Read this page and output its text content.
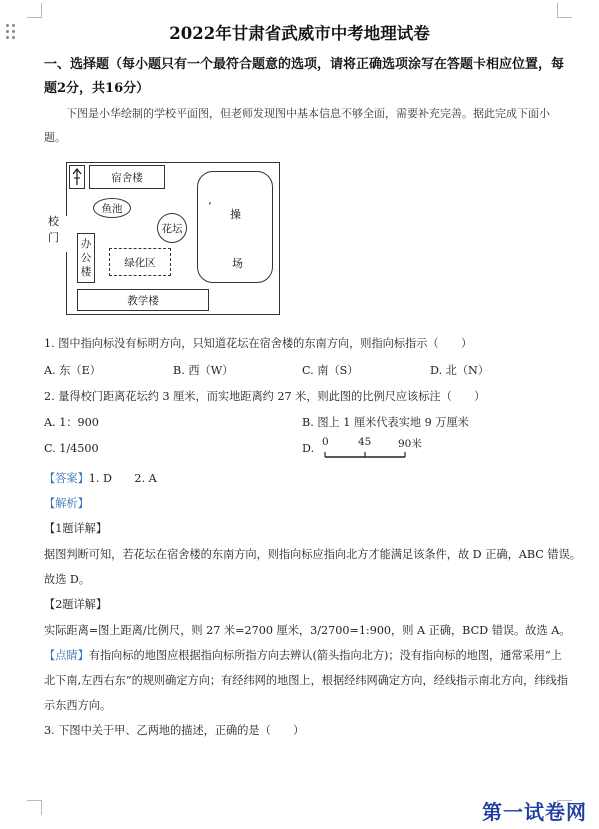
2022年甘肃省武威市中考地理试卷
一、选择题（每小题只有一个最符合题意的选项，请将正确选项涂写在答题卡相应位置，每
题2分，共16分）
下图是小华绘制的学校平面图，但老师发现图中基本信息不够全面，需要补充完善。据此完成下面小
题。
宿舍楼
鱼池
花坛
办
公
楼
绿化区
’
操
场
教学楼
校
门
1. 图中指向标没有标明方向，只知道花坛在宿舍楼的东南方向，则指向标指示（　　）
A. 东（E）	B. 西（W）	C. 南（S）	D. 北（N）
2. 量得校门距离花坛约 3 厘米，而实地距离约 27 米，则此图的比例尺应该标注（　　）
A. 1：900	B. 图上 1 厘米代表实地 9 万厘米
C. 1/4500	D. 0	45	90米
【答案】1. D　　2. A
【解析】
【1题详解】
据图判断可知，若花坛在宿舍楼的东南方向，则指向标应指向北方才能满足该条件，故 D 正确，ABC 错误。
故选 D。
【2题详解】
实际距离=图上距离/比例尺，则 27 米=2700 厘米，3/2700=1:900，则 A 正确，BCD 错误。故选 A。
【点睛】有指向标的地图应根据指向标所指方向去辨认(箭头指向北方)；没有指向标的地图，通常采用“上
北下南,左西右东”的规则确定方向；有经纬网的地图上，根据经纬网确定方向，经线指示南北方向，纬线指
示东西方向。
3. 下图中关于甲、乙两地的描述，正确的是（　　）
第一试卷网
